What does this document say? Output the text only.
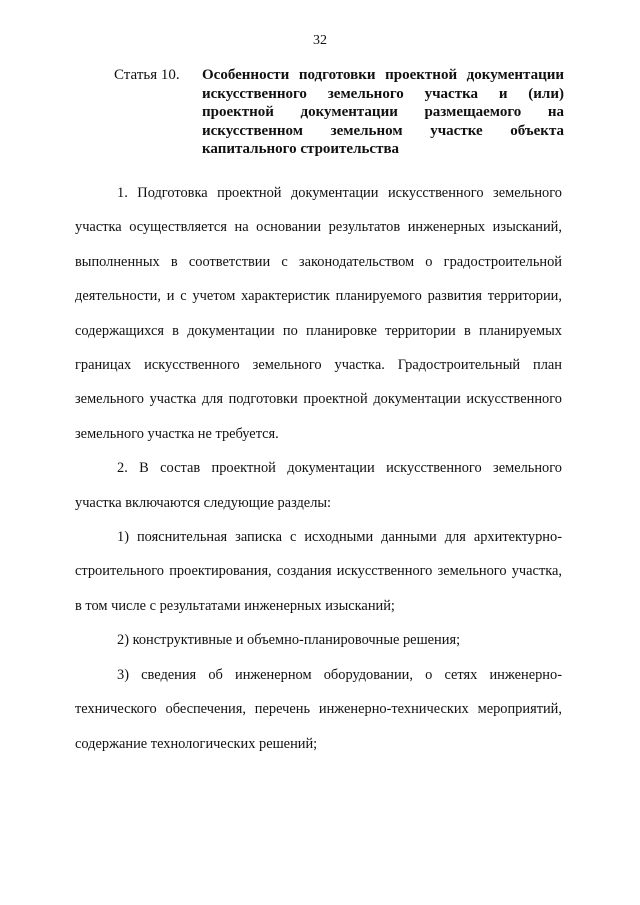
32
Статья 10. Особенности подготовки проектной документации искусственного земельного участка и (или) проектной документации размещаемого на искусственном земельном участке объекта капитального строительства

1. Подготовка проектной документации искусственного земельного участка осуществляется на основании результатов инженерных изысканий, выполненных в соответствии с законодательством о градостроительной деятельности, и с учетом характеристик планируемого развития территории, содержащихся в документации по планировке территории в планируемых границах искусственного земельного участка. Градостроительный план земельного участка для подготовки проектной документации искусственного земельного участка не требуется.

2. В состав проектной документации искусственного земельного участка включаются следующие разделы:

1) пояснительная записка с исходными данными для архитектурно-строительного проектирования, создания искусственного земельного участка, в том числе с результатами инженерных изысканий;

2) конструктивные и объемно-планировочные решения;

3) сведения об инженерном оборудовании, о сетях инженерно-технического обеспечения, перечень инженерно-технических мероприятий, содержание технологических решений;
